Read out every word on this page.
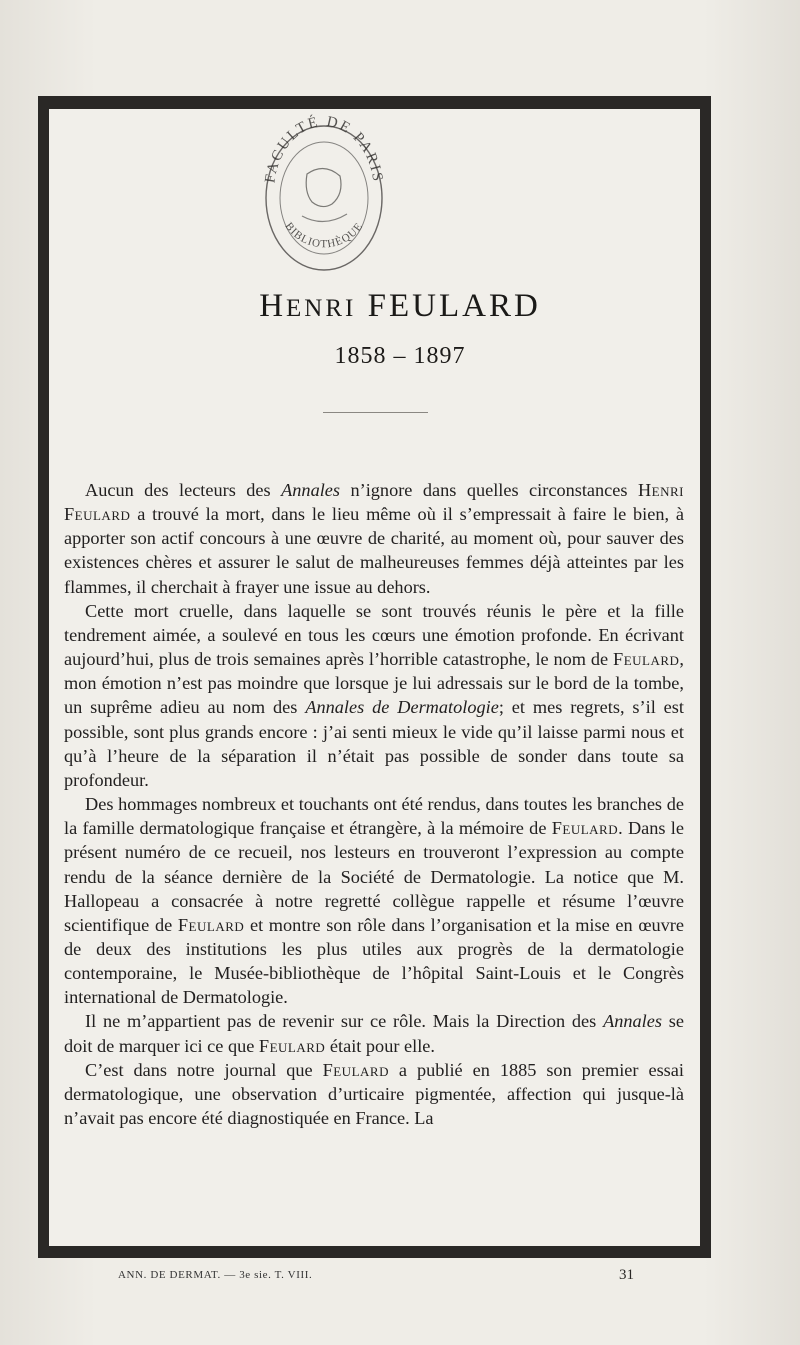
FACULTÉ DE PARIS
BIBLIOTHÈQUE
HENRI FEULARD
1858 – 1897

Aucun des lecteurs des Annales n’ignore dans quelles circonstances Henri Feulard a trouvé la mort, dans le lieu même où il s’empressait à faire le bien, à apporter son actif concours à une œuvre de charité, au moment où, pour sauver des existences chères et assurer le salut de malheureuses femmes déjà atteintes par les flammes, il cherchait à frayer une issue au dehors.

Cette mort cruelle, dans laquelle se sont trouvés réunis le père et la fille tendrement aimée, a soulevé en tous les cœurs une émotion profonde. En écrivant aujourd’hui, plus de trois semaines après l’horrible catastrophe, le nom de Feulard, mon émotion n’est pas moindre que lorsque je lui adressais sur le bord de la tombe, un suprême adieu au nom des Annales de Dermatologie; et mes regrets, s’il est possible, sont plus grands encore : j’ai senti mieux le vide qu’il laisse parmi nous et qu’à l’heure de la séparation il n’était pas possible de sonder dans toute sa profondeur.

Des hommages nombreux et touchants ont été rendus, dans toutes les branches de la famille dermatologique française et étrangère, à la mémoire de Feulard. Dans le présent numéro de ce recueil, nos lesteurs en trouveront l’expression au compte rendu de la séance dernière de la Société de Dermatologie. La notice que M. Hallopeau a consacrée à notre regretté collègue rappelle et résume l’œuvre scientifique de Feulard et montre son rôle dans l’organisation et la mise en œuvre de deux des institutions les plus utiles aux progrès de la dermatologie contemporaine, le Musée-bibliothèque de l’hôpital Saint-Louis et le Congrès international de Dermatologie.

Il ne m’appartient pas de revenir sur ce rôle. Mais la Direction des Annales se doit de marquer ici ce que Feulard était pour elle.

C’est dans notre journal que Feulard a publié en 1885 son premier essai dermatologique, une observation d’urticaire pigmentée, affection qui jusque-là n’avait pas encore été diagnostiquée en France. La

ANN. DE DERMAT. — 3e sie. T. VIII.	31
